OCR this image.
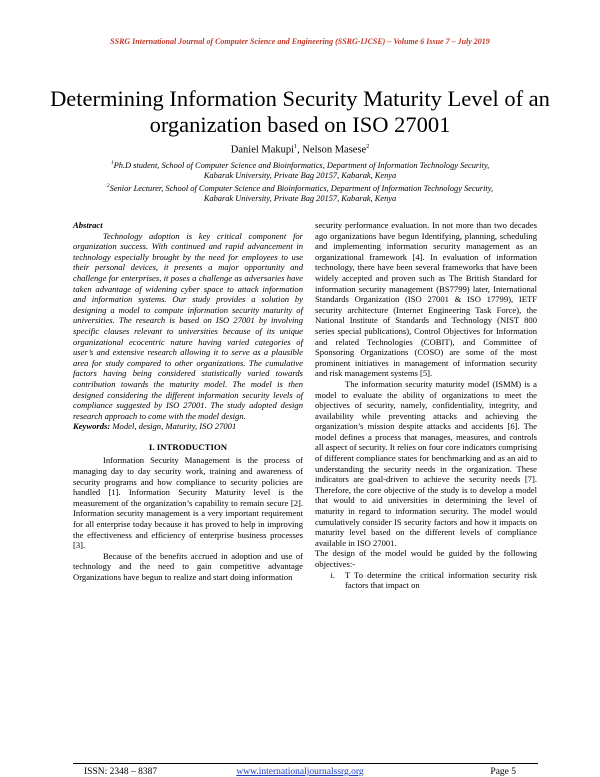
SSRG International Journal of Computer Science and Engineering (SSRG-IJCSE) – Volume 6 Issue 7 – July 2019
Determining Information Security Maturity Level of an organization based on ISO 27001
Daniel Makupi$^1$, Nelson Masese$^2$
$^1$Ph.D student, School of Computer Science and Bioinformatics, Department of Information Technology Security, Kabarak University, Private Bag 20157, Kabarak, Kenya
$^2$Senior Lecturer, School of Computer Science and Bioinformatics, Department of Information Technology Security, Kabarak University, Private Bag 20157, Kabarak, Kenya
Abstract

Technology adoption is key critical component for organization success. With continued and rapid advancement in technology especially brought by the need for employees to use their personal devices, it presents a major opportunity and challenge for enterprises, it poses a challenge as adversaries have taken advantage of widening cyber space to attack information and information systems. Our study provides a solution by designing a model to compute information security maturity of universities. The research is based on ISO 27001 by involving specific clauses relevant to universities because of its unique organizational ecocentric nature having varied categories of user’s and extensive research allowing it to serve as a plausible area for study compared to other organizations. The cumulative factors having being considered statistically varied towards contribution towards the maturity model. The model is then designed considering the different information security levels of compliance suggested by ISO 27001. The study adopted design research approach to come with the model design.

Keywords: Model, design, Maturity, ISO 27001

I. INTRODUCTION

Information Security Management is the process of managing day to day security work, training and awareness of security programs and how compliance to security policies are handled [1]. Information Security Maturity level is the measurement of the organization’s capability to remain secure [2]. Information security management is a very important requirement for all enterprise today because it has proved to help in improving the effectiveness and efficiency of enterprise business processes [3].

Because of the benefits accrued in adoption and use of technology and the need to gain competitive advantage Organizations have begun to realize and start doing information

security performance evaluation. In not more than two decades ago organizations have begun Identifying, planning, scheduling and implementing information security management as an organizational framework [4]. In evaluation of information technology, there have been several frameworks that have been widely accepted and proven such as The British Standard for information security management (BS7799) later, International Standards Organization (ISO 27001 & ISO 17799), IETF security architecture (Internet Engineering Task Force), the National Institute of Standards and Technology (NIST 800 series special publications), Control Objectives for Information and related Technologies (COBIT), and Committee of Sponsoring Organizations (COSO) are some of the most prominent initiatives in management of information security and risk management systems [5].

The information security maturity model (ISMM) is a model to evaluate the ability of organizations to meet the objectives of security, namely, confidentiality, integrity, and availability while preventing attacks and achieving the organization’s mission despite attacks and accidents [6]. The model defines a process that manages, measures, and controls all aspect of security. It relies on four core indicators comprising of different compliance states for benchmarking and as an aid to understanding the security needs in the organization. These indicators are goal-driven to achieve the security needs [7]. Therefore, the core objective of the study is to develop a model that would to aid universities in determining the level of maturity in regard to information security. The model would cumulatively consider IS security factors and how it impacts on maturity level based on the different levels of compliance available in ISO 27001.

The design of the model would be guided by the following objectives:-

i.	T To determine the critical information security risk factors that impact on
ISSN: 2348 – 8387	www.internationaljournalssrg.org	Page 5
